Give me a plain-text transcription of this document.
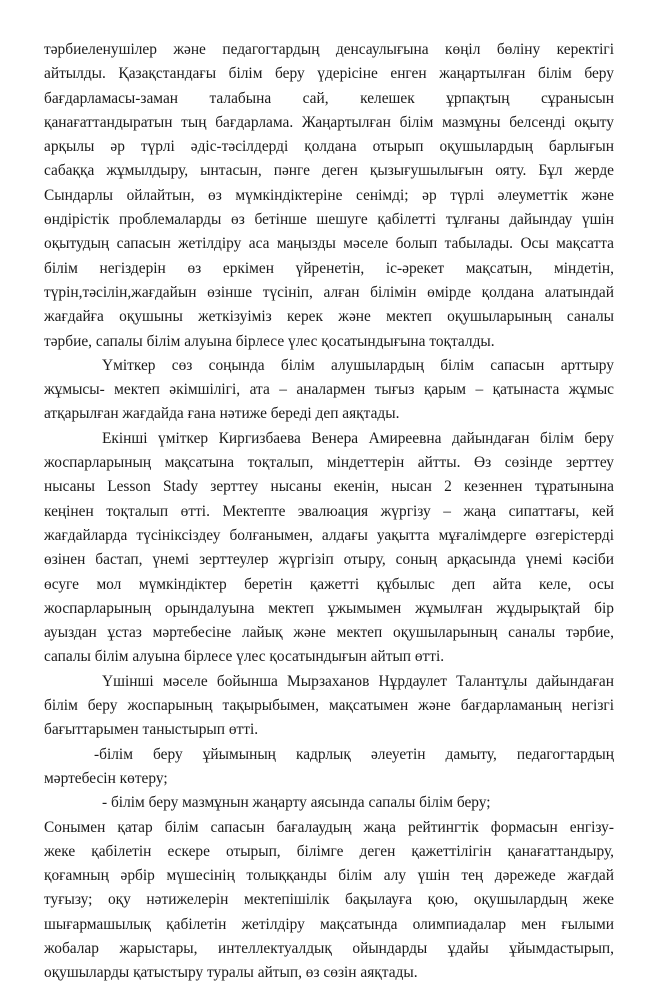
тәрбиеленушілер және педагогтардың денсаулығына көңіл бөліну керектігі
айтылды. Қазақстандағы білім беру үдерісіне енген жаңартылған білім беру
бағдарламасы-заман талабына сай, келешек ұрпақтың сұранысын
қанағаттандыратын тың бағдарлама. Жаңартылған білім мазмұны белсенді оқыту
арқылы әр түрлі әдіс-тәсілдерді қолдана отырып оқушылардың барлығын
сабаққа жұмылдыру, ынтасын, пәнге деген қызығушылығын ояту. Бұл жерде
Сындарлы ойлайтын, өз мүмкіндіктеріне сенімді; әр түрлі әлеуметтік және
өндірістік проблемаларды өз бетінше шешуге қабілетті тұлғаны дайындау үшін
оқытудың сапасын жетілдіру аса маңызды мәселе болып табылады. Осы мақсатта
білім негіздерін өз еркімен үйренетін, іс-әрекет мақсатын, міндетін,
түрін,тәсілін,жағдайын өзінше түсініп, алған білімін өмірде қолдана алатындай
жағдайға оқушыны жеткізуіміз керек және мектеп оқушыларының саналы
тәрбие, сапалы білім алуына бірлесе үлес қосатындығына тоқталды.
Үміткер сөз соңында білім алушылардың білім сапасын арттыру
жұмысы- мектеп әкімшілігі, ата – аналармен тығыз қарым – қатынаста жұмыс
атқарылған жағдайда ғана нәтиже береді деп аяқтады.
Екінші үміткер Киргизбаева Венера Амиреевна дайындаған білім беру
жоспарларының мақсатына тоқталып, міндеттерін айтты. Өз сөзінде зерттеу
нысаны Lesson Stady зерттеу нысаны екенін, нысан 2 кезеннен тұратынына
кеңінен тоқталып өтті. Мектепте эвалюация жүргізу – жаңа сипаттағы, кей
жағдайларда түсініксіздеу болғанымен, алдағы уақытта мұғалімдерге өзгерістерді
өзінен бастап, үнемі зерттеулер жүргізіп отыру, соның арқасында үнемі кәсіби
өсуге мол мүмкіндіктер беретін қажетті құбылыс деп айта келе, осы
жоспарларының орындалуына мектеп ұжымымен жұмылған жұдырықтай бір
ауыздан ұстаз мәртебесіне лайық және мектеп оқушыларының саналы тәрбие,
сапалы білім алуына бірлесе үлес қосатындығын айтып өтті.
Үшінші мәселе бойынша Мырзаханов Нұрдаулет Талантұлы дайындаған
білім беру жоспарының тақырыбымен, мақсатымен және бағдарламаның негізгі
бағыттарымен таныстырып өтті.
-білім беру ұйымының кадрлық әлеуетін дамыту, педагогтардың
мәртебесін көтеру;
- білім беру мазмұнын жаңарту аясында сапалы білім беру;
Сонымен қатар білім сапасын бағалаудың жаңа рейтингтік формасын енгізу-
жеке қабілетін ескере отырып, білімге деген қажеттілігін қанағаттандыру,
қоғамның әрбір мүшесінің толыққанды білім алу үшін тең дәрежеде жағдай
туғызу; оқу нәтижелерін мектепішілік бақылауға қою, оқушылардың жеке
шығармашылық қабілетін жетілдіру мақсатында олимпиадалар мен ғылыми
жобалар жарыстары, интеллектуалдық ойындарды ұдайы ұйымдастырып,
оқушыларды қатыстыру туралы айтып, өз сөзін аяқтады.
